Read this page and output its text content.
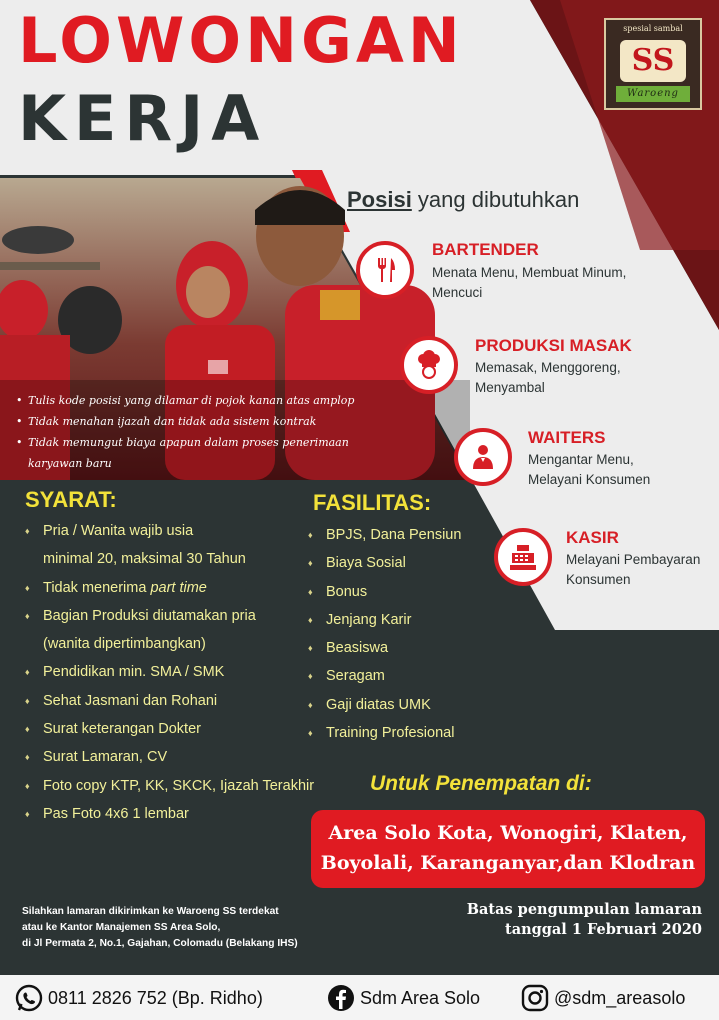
LOWONGAN
KERJA
spesial sambal
SS
Waroeng
Posisi yang dibutuhkan
BARTENDER
Menata Menu, Membuat Minum,
Mencuci
PRODUKSI MASAK
Memasak, Menggoreng,
Menyambal
WAITERS
Mengantar Menu,
Melayani Konsumen
KASIR
Melayani Pembayaran
Konsumen
• Tulis kode posisi yang dilamar di pojok kanan atas amplop
• Tidak menahan ijazah dan tidak ada sistem kontrak
• Tidak memungut biaya apapun dalam proses penerimaan
karyawan baru
SYARAT:
♦ Pria / Wanita wajib usia
minimal 20, maksimal 30 Tahun
♦ Tidak menerima part time
♦ Bagian Produksi diutamakan pria
(wanita dipertimbangkan)
♦ Pendidikan min. SMA / SMK
♦ Sehat Jasmani dan Rohani
♦ Surat keterangan Dokter
♦ Surat Lamaran, CV
♦ Foto copy KTP, KK, SKCK, Ijazah Terakhir
♦ Pas Foto 4x6 1 lembar
FASILITAS:
♦ BPJS, Dana Pensiun
♦ Biaya Sosial
♦ Bonus
♦ Jenjang Karir
♦ Beasiswa
♦ Seragam
♦ Gaji diatas UMK
♦ Training Profesional
Untuk Penempatan di:
Area Solo Kota, Wonogiri, Klaten,
Boyolali, Karanganyar,dan Klodran
Silahkan lamaran dikirimkan ke Waroeng SS terdekat
atau ke Kantor Manajemen SS Area Solo,
di Jl Permata 2, No.1, Gajahan, Colomadu (Belakang IHS)
Batas pengumpulan lamaran
tanggal 1 Februari 2020
0811 2826 752 (Bp. Ridho)	Sdm Area Solo	@sdm_areasolo
